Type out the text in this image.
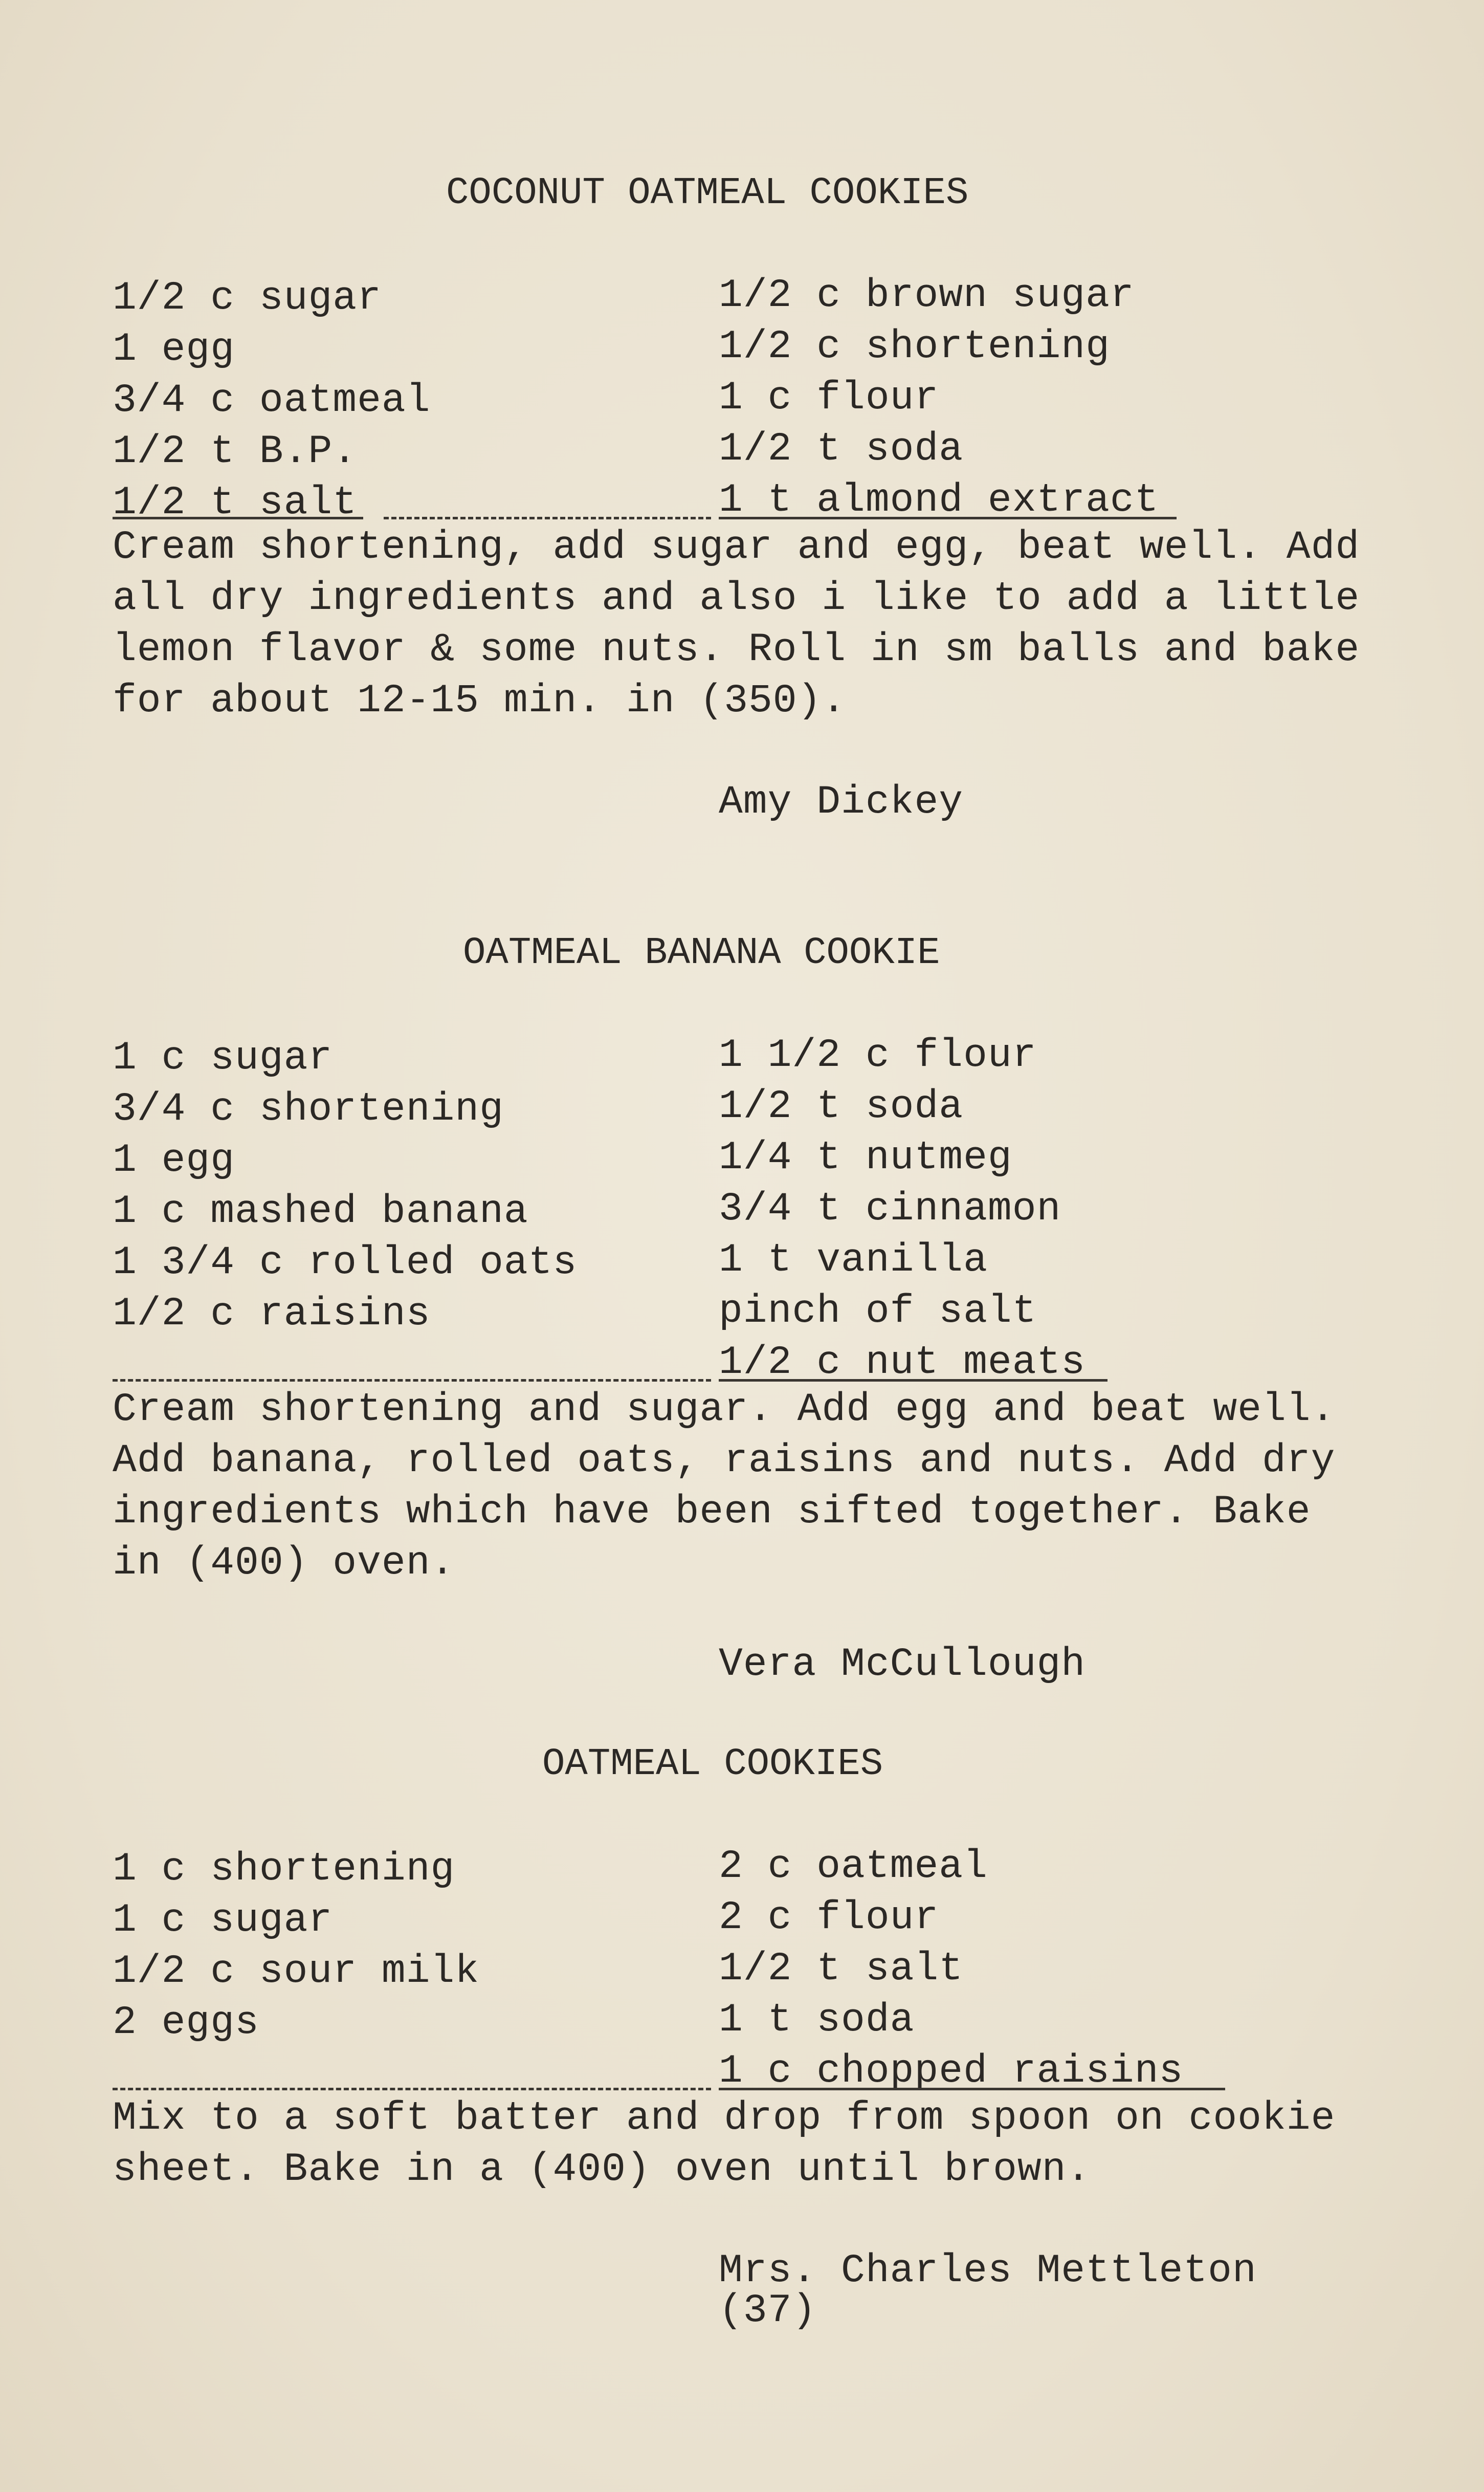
COCONUT OATMEAL COOKIES
1/2 c sugar
1 egg
3/4 c oatmeal
1/2 t B.P.
1/2 t salt
1/2 c brown sugar
1/2 c shortening
1 c flour
1/2 t soda
1 t almond extract
Cream shortening, add sugar and egg, beat well. Add
all dry ingredients and also i like to add a little
lemon flavor & some nuts. Roll in sm balls and bake
for about 12-15 min. in (350).
Amy Dickey
OATMEAL BANANA COOKIE
1 c sugar
3/4 c shortening
1 egg
1 c mashed banana
1 3/4 c rolled oats
1/2 c raisins
1 1/2 c flour
1/2 t soda
1/4 t nutmeg
3/4 t cinnamon
1 t vanilla
pinch of salt
1/2 c nut meats
Cream shortening and sugar. Add egg and beat well.
Add banana, rolled oats, raisins and nuts. Add dry
ingredients which have been sifted together. Bake
in (400) oven.
Vera McCullough
OATMEAL COOKIES
1 c shortening
1 c sugar
1/2 c sour milk
2 eggs
2 c oatmeal
2 c flour
1/2 t salt
1 t soda
1 c chopped raisins
Mix to a soft batter and drop from spoon on cookie
sheet. Bake in a (400) oven until brown.
Mrs. Charles Mettleton
(37)
